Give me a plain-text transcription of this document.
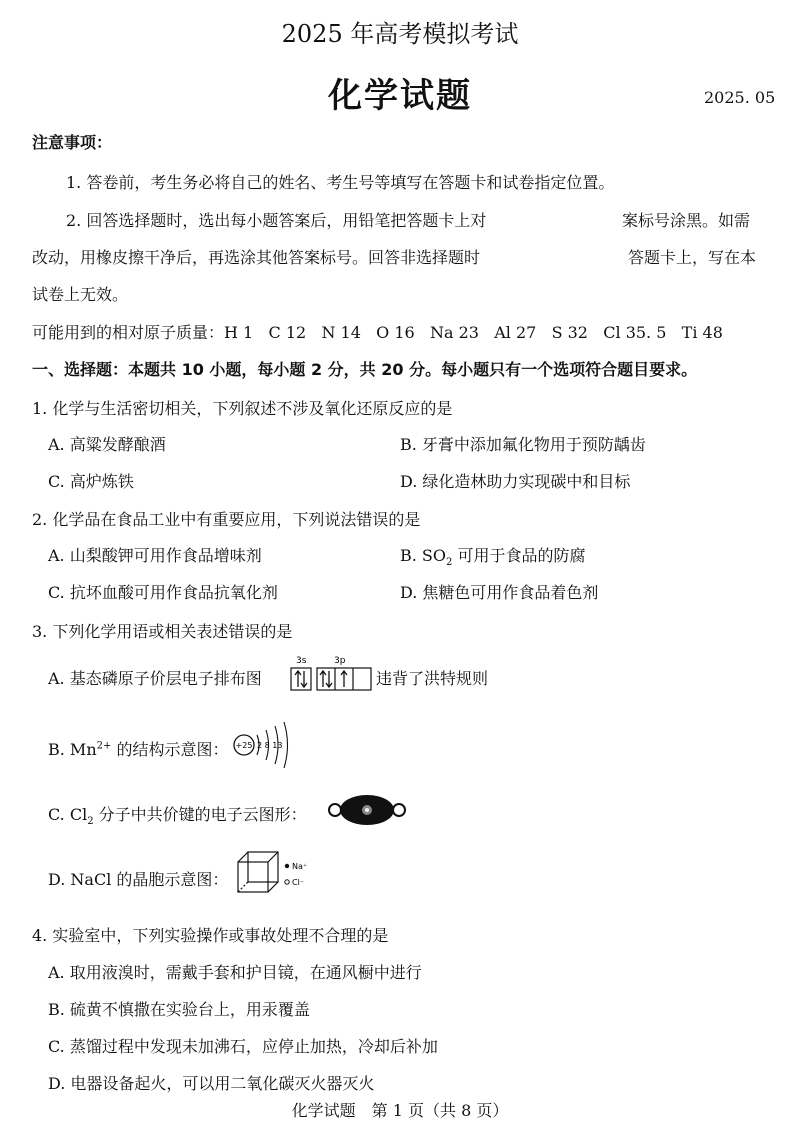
2025 年高考模拟考试
化学试题	2025. 05
注意事项：
1. 答卷前，考生务必将自己的姓名、考生号等填写在答题卡和试卷指定位置。
2. 回答选择题时，选出每小题答案后，用铅笔把答题卡上对	案标号涂黑。如需
改动，用橡皮擦干净后，再选涂其他答案标号。回答非选择题时	答题卡上，写在本
试卷上无效。
可能用到的相对原子质量：H 1   C 12   N 14   O 16   Na 23   Al 27   S 32   Cl 35. 5   Ti 48
一、选择题：本题共 10 小题，每小题 2 分，共 20 分。每小题只有一个选项符合题目要求。
1. 化学与生活密切相关，下列叙述不涉及氧化还原反应的是
A. 高粱发酵酿酒	B. 牙膏中添加氟化物用于预防龋齿
C. 高炉炼铁	D. 绿化造林助力实现碳中和目标
2. 化学品在食品工业中有重要应用，下列说法错误的是
A. 山梨酸钾可用作食品增味剂	B. $SO_2$ 可用于食品的防腐
C. 抗坏血酸可用作食品抗氧化剂	D. 焦糖色可用作食品着色剂
3. 下列化学用语或相关表述错误的是
A. 基态磷原子价层电子排布图
3s	3p
违背了洪特规则
B. $Mn^{2+}$ 的结构示意图： +25 2 8 13
C. $Cl_2$ 分子中共价键的电子云图形：
D. NaCl 的晶胞示意图：
Na⁺
Cl⁻
4. 实验室中，下列实验操作或事故处理不合理的是
A. 取用液溴时，需戴手套和护目镜，在通风橱中进行
B. 硫黄不慎撒在实验台上，用汞覆盖
C. 蒸馏过程中发现未加沸石，应停止加热，冷却后补加
D. 电器设备起火，可以用二氧化碳灭火器灭火
化学试题　第 1 页（共 8 页）
